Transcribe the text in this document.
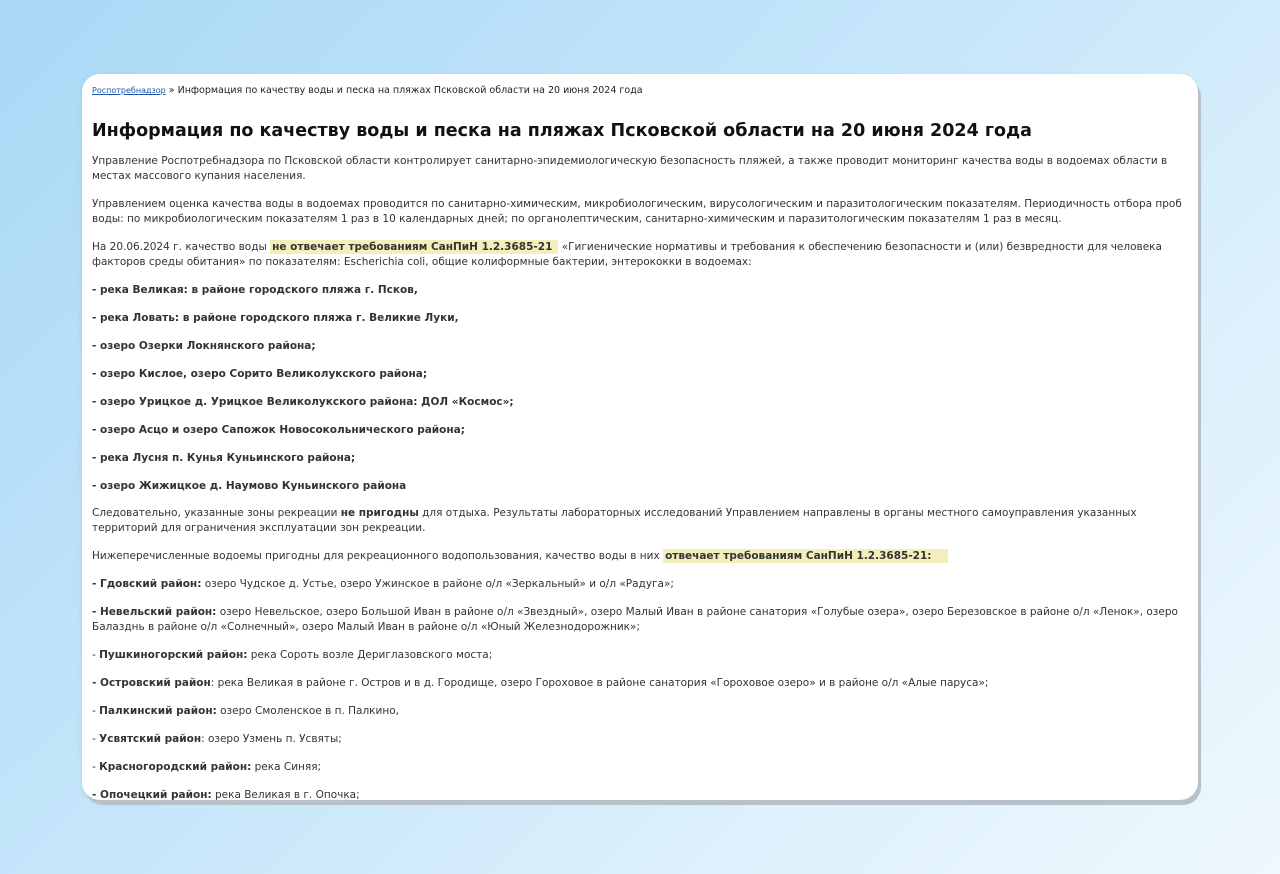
Роспотребнадзор » Информация по качеству воды и песка на пляжах Псковской области на 20 июня 2024 года
Информация по качеству воды и песка на пляжах Псковской области на 20 июня 2024 года

Управление Роспотребнадзора по Псковской области контролирует санитарно-эпидемиологическую безопасность пляжей, а также проводит мониторинг качества воды в водоемах области в местах массового купания населения.

Управлением оценка качества воды в водоемах проводится по санитарно-химическим, микробиологическим, вирусологическим и паразитологическим показателям. Периодичность отбора проб воды: по микробиологическим показателям 1 раз в 10 календарных дней; по органолептическим, санитарно-химическим и паразитологическим показателям 1 раз в месяц.

На 20.06.2024 г. качество воды не отвечает требованиям СанПиН 1.2.3685-21 «Гигиенические нормативы и требования к обеспечению безопасности и (или) безвредности для человека факторов среды обитания» по показателям: Escherichia coli, общие колиформные бактерии, энтерококки в водоемах:

- река Великая: в районе городского пляжа г. Псков,

- река Ловать: в районе городского пляжа г. Великие Луки,

- озеро Озерки Локнянского района;

- озеро Кислое, озеро Сорито Великолукского района;

- озеро Урицкое д. Урицкое Великолукского района: ДОЛ «Космос»;

- озеро Асцо и озеро Сапожок Новосокольнического района;

- река Лусня п. Кунья Куньинского района;

- озеро Жижицкое д. Наумово Куньинского района

Следовательно, указанные зоны рекреации не пригодны для отдыха. Результаты лабораторных исследований Управлением направлены в органы местного самоуправления указанных территорий для ограничения эксплуатации зон рекреации.

Нижеперечисленные водоемы пригодны для рекреационного водопользования, качество воды в них отвечает требованиям СанПиН 1.2.3685-21:

- Гдовский район: озеро Чудское д. Устье, озеро Ужинское в районе о/л «Зеркальный» и о/л «Радуга»;

- Невельский район: озеро Невельское, озеро Большой Иван в районе о/л «Звездный», озеро Малый Иван в районе санатория «Голубые озера», озеро Березовское в районе о/л «Ленок», озеро Балазднь в районе о/л «Солнечный», озеро Малый Иван в районе о/л «Юный Железнодорожник»;

- Пушкиногорский район: река Сороть возле Дериглазовского моста;

- Островский район: река Великая в районе г. Остров и в д. Городище, озеро Гороховое в районе санатория «Гороховое озеро» и в районе о/л «Алые паруса»;

- Палкинский район: озеро Смоленское в п. Палкино,

- Усвятский район: озеро Узмень п. Усвяты;

- Красногородский район: река Синяя;

- Опочецкий район: река Великая в г. Опочка;
